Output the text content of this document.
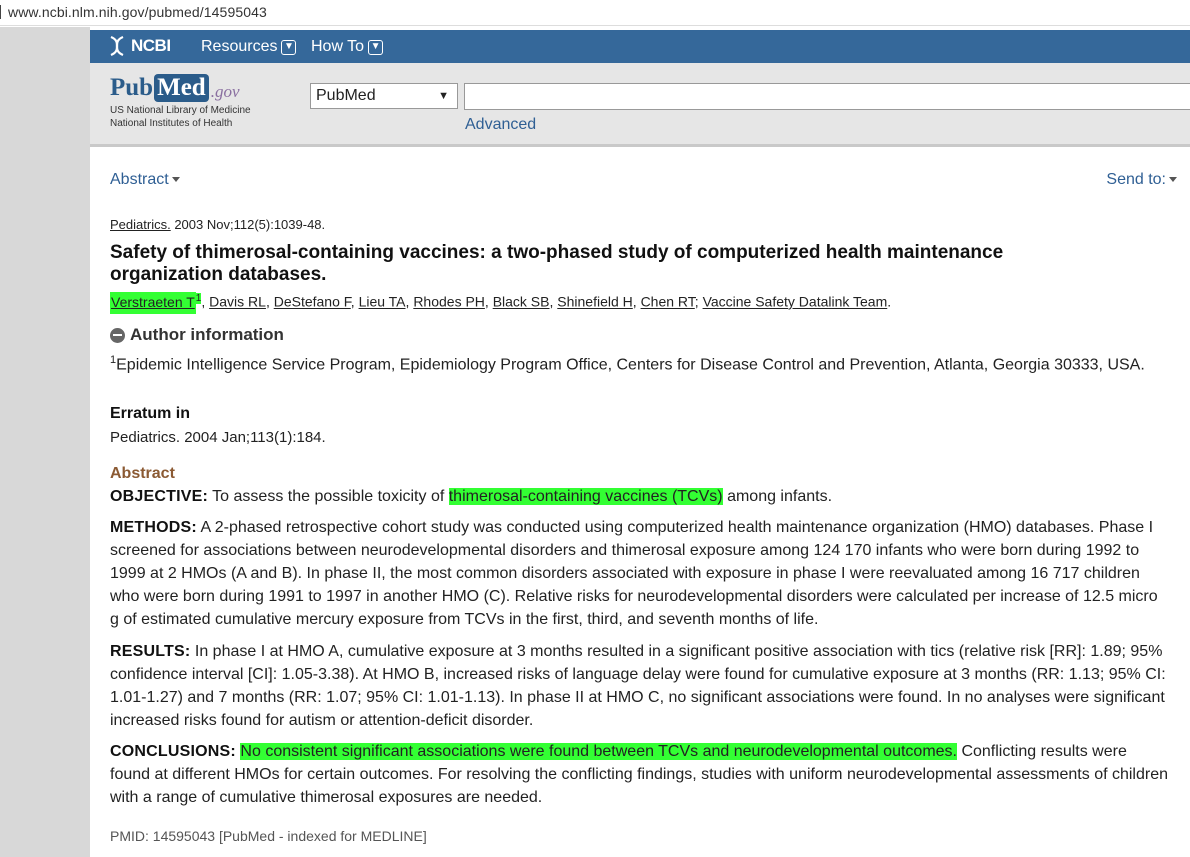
www.ncbi.nlm.nih.gov/pubmed/14595043
NCBI Resources ▼ How To ▼
Pub Med .gov
US National Library of Medicine
National Institutes of Health
PubMed	▼
Advanced
Abstract	Send to:
Pediatrics. 2003 Nov;112(5):1039-48.
Safety of thimerosal-containing vaccines: a two-phased study of computerized health maintenance organization databases.
Verstraeten $T^1$, Davis RL, DeStefano F, Lieu TA, Rhodes PH, Black SB, Shinefield H, Chen RT; Vaccine Safety Datalink Team.
Author information
$^1$Epidemic Intelligence Service Program, Epidemiology Program Office, Centers for Disease Control and Prevention, Atlanta, Georgia 30333, USA.
Erratum in
Pediatrics. 2004 Jan;113(1):184.
Abstract

OBJECTIVE: To assess the possible toxicity of thimerosal-containing vaccines (TCVs) among infants.

METHODS: A 2-phased retrospective cohort study was conducted using computerized health maintenance organization (HMO) databases. Phase I screened for associations between neurodevelopmental disorders and thimerosal exposure among 124 170 infants who were born during 1992 to 1999 at 2 HMOs (A and B). In phase II, the most common disorders associated with exposure in phase I were reevaluated among 16 717 children who were born during 1991 to 1997 in another HMO (C). Relative risks for neurodevelopmental disorders were calculated per increase of 12.5 micro g of estimated cumulative mercury exposure from TCVs in the first, third, and seventh months of life.

RESULTS: In phase I at HMO A, cumulative exposure at 3 months resulted in a significant positive association with tics (relative risk [RR]: 1.89; 95% confidence interval [CI]: 1.05-3.38). At HMO B, increased risks of language delay were found for cumulative exposure at 3 months (RR: 1.13; 95% CI: 1.01-1.27) and 7 months (RR: 1.07; 95% CI: 1.01-1.13). In phase II at HMO C, no significant associations were found. In no analyses were significant increased risks found for autism or attention-deficit disorder.

CONCLUSIONS: No consistent significant associations were found between TCVs and neurodevelopmental outcomes. Conflicting results were found at different HMOs for certain outcomes. For resolving the conflicting findings, studies with uniform neurodevelopmental assessments of children with a range of cumulative thimerosal exposures are needed.

PMID: 14595043 [PubMed - indexed for MEDLINE]
